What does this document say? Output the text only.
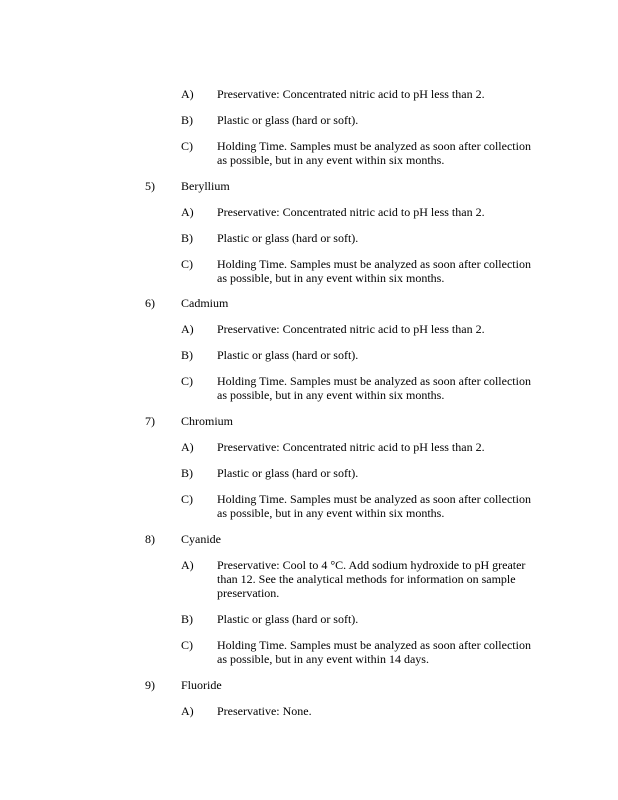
A) Preservative: Concentrated nitric acid to pH less than 2.
B) Plastic or glass (hard or soft).
C) Holding Time. Samples must be analyzed as soon after collection
as possible, but in any event within six months.
5) Beryllium
A) Preservative: Concentrated nitric acid to pH less than 2.
B) Plastic or glass (hard or soft).
C) Holding Time. Samples must be analyzed as soon after collection
as possible, but in any event within six months.
6) Cadmium
A) Preservative: Concentrated nitric acid to pH less than 2.
B) Plastic or glass (hard or soft).
C) Holding Time. Samples must be analyzed as soon after collection
as possible, but in any event within six months.
7) Chromium
A) Preservative: Concentrated nitric acid to pH less than 2.
B) Plastic or glass (hard or soft).
C) Holding Time. Samples must be analyzed as soon after collection
as possible, but in any event within six months.
8) Cyanide
A) Preservative: Cool to 4 °C. Add sodium hydroxide to pH greater
than 12. See the analytical methods for information on sample
preservation.
B) Plastic or glass (hard or soft).
C) Holding Time. Samples must be analyzed as soon after collection
as possible, but in any event within 14 days.
9) Fluoride
A) Preservative: None.
